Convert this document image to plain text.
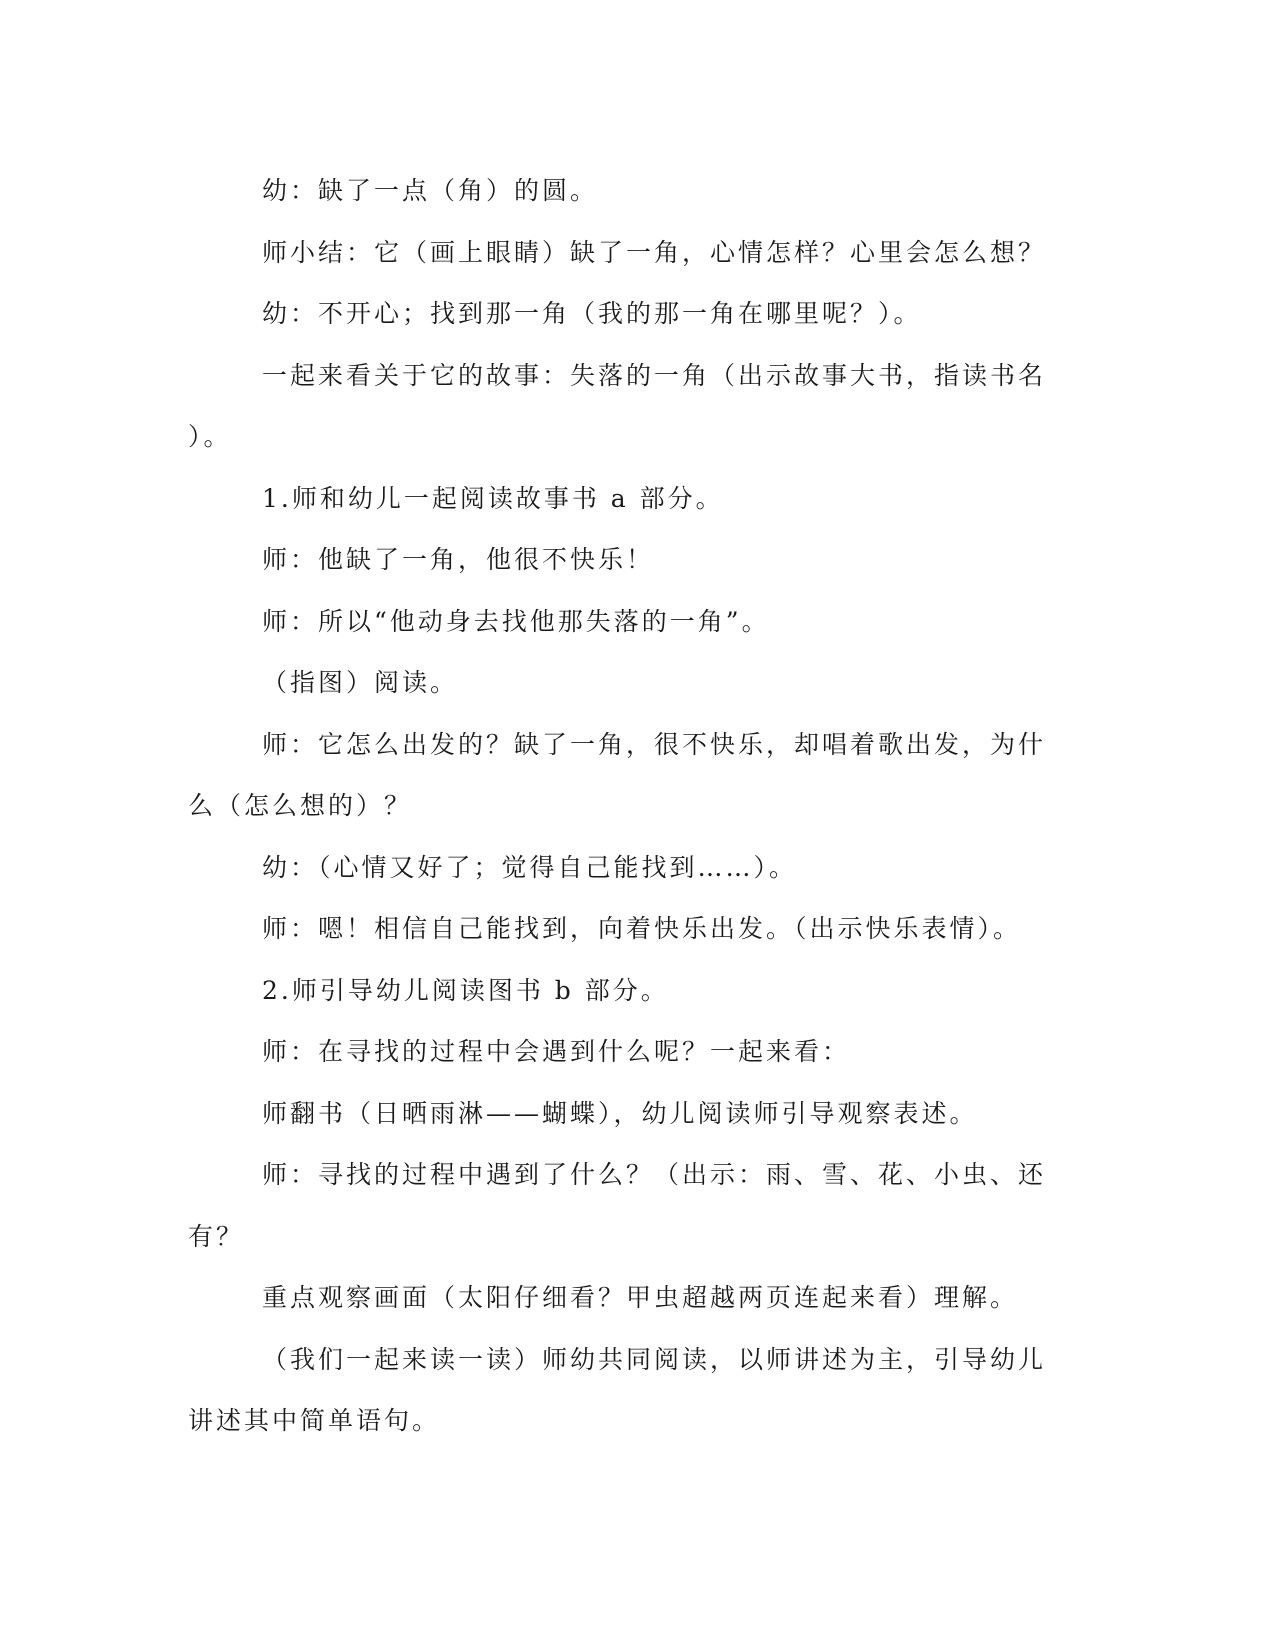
幼：缺了一点（角）的圆。
师小结：它（画上眼睛）缺了一角，心情怎样？心里会怎么想？
幼：不开心；找到那一角（我的那一角在哪里呢？）。
一起来看关于它的故事：失落的一角（出示故事大书，指读书名
）。
1.师和幼儿一起阅读故事书 a 部分。
师：他缺了一角，他很不快乐！
师：所以“他动身去找他那失落的一角”。
（指图）阅读。
师：它怎么出发的？缺了一角，很不快乐，却唱着歌出发，为什
么（怎么想的）？
幼：（心情又好了；觉得自己能找到……）。
师：嗯！相信自己能找到，向着快乐出发。（出示快乐表情）。
2.师引导幼儿阅读图书 b 部分。
师：在寻找的过程中会遇到什么呢？一起来看：
师翻书（日晒雨淋——蝴蝶），幼儿阅读师引导观察表述。
师：寻找的过程中遇到了什么？（出示：雨、雪、花、小虫、还
有？
重点观察画面（太阳仔细看？甲虫超越两页连起来看）理解。
（我们一起来读一读）师幼共同阅读，以师讲述为主，引导幼儿
讲述其中简单语句。
